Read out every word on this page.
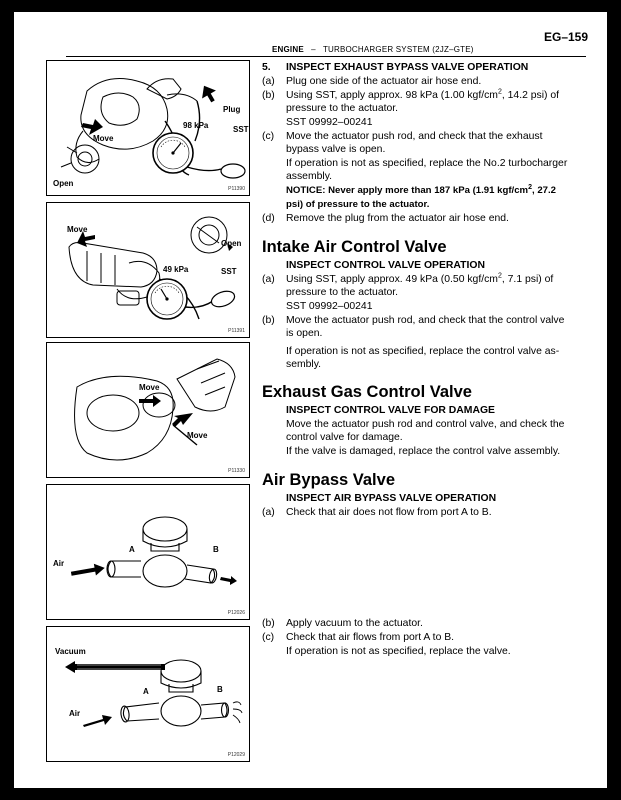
EG–159
ENGINE – TURBOCHARGER SYSTEM (2JZ–GTE)
Plug
98 kPa	SST
Move
Open
P11390
Move
Open
49 kPa	SST
P11391
Move
Move
P11330
A	B
Air
P12026
Vacuum
A	B
Air
P12029
5. INSPECT EXHAUST BYPASS VALVE OPERATION
(a) Plug one side of the actuator air hose end.
(b) Using SST, apply approx. 98 kPa (1.00 kgf/$cm^2$, 14.2 psi) of
pressure to the actuator.
SST 09992–00241
(c) Move the actuator push rod, and check that the exhaust
bypass valve is open.
If operation is not as specified, replace the No.2 turbocharger
assembly.
NOTICE: Never apply more than 187 kPa (1.91 kgf/$cm^2$, 27.2
psi) of pressure to the actuator.
(d) Remove the plug from the actuator air hose end.
Intake Air Control Valve
INSPECT CONTROL VALVE OPERATION
(a) Using SST, apply approx. 49 kPa (0.50 kgf/$cm^2$, 7.1 psi) of
pressure to the actuator.
SST 09992–00241
(b) Move the actuator push rod, and check that the control valve
is open.
If operation is not as specified, replace the control valve as-
sembly.
Exhaust Gas Control Valve
INSPECT CONTROL VALVE FOR DAMAGE
Move the actuator push rod and control valve, and check the
control valve for damage.
If the valve is damaged, replace the control valve assembly.
Air Bypass Valve
INSPECT AIR BYPASS VALVE OPERATION
(a) Check that air does not flow from port A to B.
(b) Apply vacuum to the actuator.
(c) Check that air flows from port A to B.
If operation is not as specified, replace the valve.
